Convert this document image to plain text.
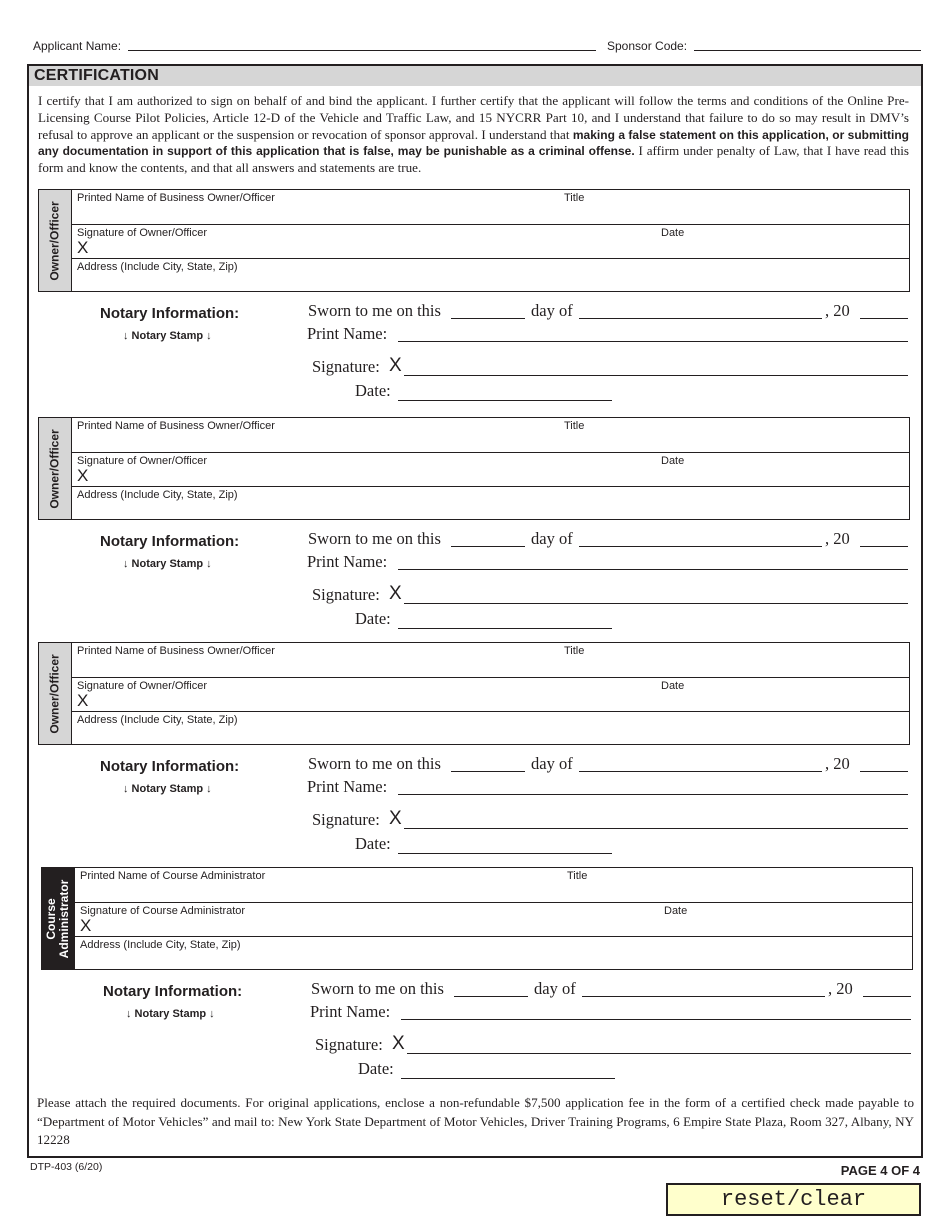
Applicant Name:	Sponsor Code:
CERTIFICATION
I certify that I am authorized to sign on behalf of and bind the applicant. I further certify that the applicant will follow the terms and conditions of the Online Pre-Licensing Course Pilot Policies, Article 12-D of the Vehicle and Traffic Law, and 15 NYCRR Part 10, and I understand that failure to do so may result in DMV’s refusal to approve an applicant or the suspension or revocation of sponsor approval. I understand that making a false statement on this application, or submitting any documentation in support of this application that is false, may be punishable as a criminal offense. I affirm under penalty of Law, that I have read this form and know the contents, and that all answers and statements are true.
Owner/Officer
Printed Name of Business Owner/Officer	Title
Signature of Owner/Officer	Date
X
Address (Include City, State, Zip)
Notary Information:
↓ Notary Stamp ↓
Sworn to me on this	day of	, 20
Print Name:
Signature: X
Date:
Owner/Officer
Printed Name of Business Owner/Officer	Title
Signature of Owner/Officer	Date
X
Address (Include City, State, Zip)
Notary Information:
↓ Notary Stamp ↓
Sworn to me on this	day of	, 20
Print Name:
Signature: X
Date:
Owner/Officer
Printed Name of Business Owner/Officer	Title
Signature of Owner/Officer	Date
X
Address (Include City, State, Zip)
Notary Information:
↓ Notary Stamp ↓
Sworn to me on this	day of	, 20
Print Name:
Signature: X
Date:
Course
Administrator
Printed Name of Course Administrator	Title
Signature of Course Administrator	Date
X
Address (Include City, State, Zip)
Notary Information:
↓ Notary Stamp ↓
Sworn to me on this	day of	, 20
Print Name:
Signature: X
Date:
Please attach the required documents. For original applications, enclose a non-refundable $7,500 application fee in the form of a certified check made payable to “Department of Motor Vehicles” and mail to: New York State Department of Motor Vehicles, Driver Training Programs, 6 Empire State Plaza, Room 327, Albany, NY 12228
DTP-403 (6/20)	PAGE 4 OF 4
reset/clear
